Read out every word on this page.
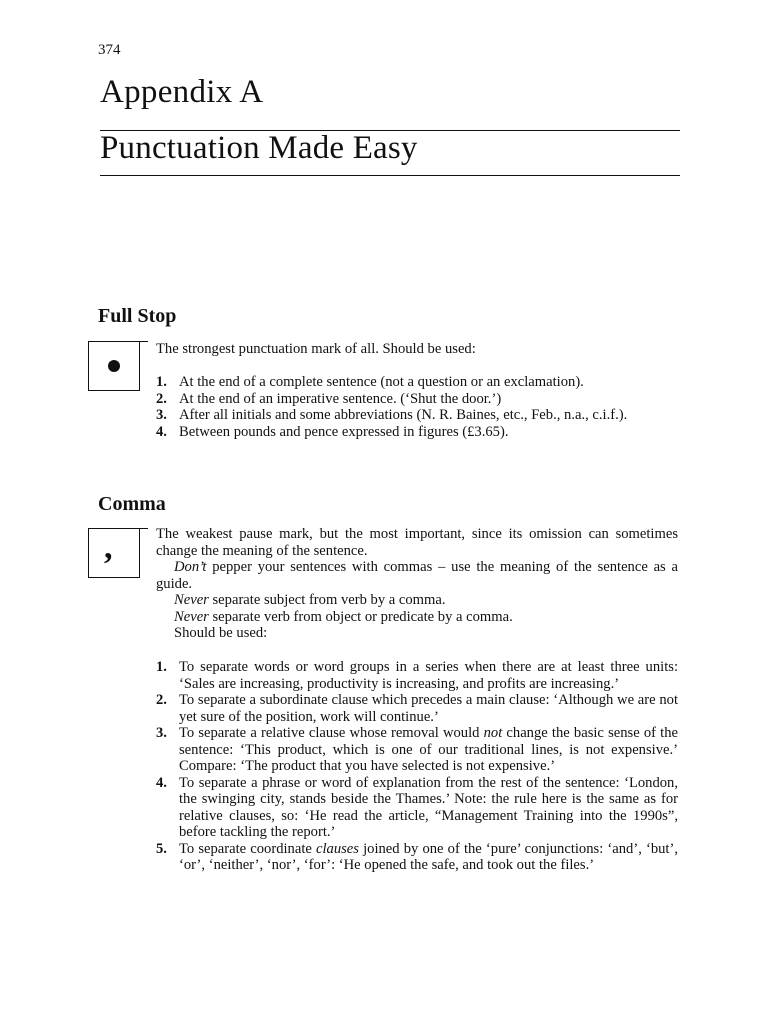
374
Appendix A
Punctuation Made Easy
Full Stop
The strongest punctuation mark of all. Should be used:
1. At the end of a complete sentence (not a question or an exclamation).
2. At the end of an imperative sentence. (‘Shut the door.’)
3. After all initials and some abbreviations (N. R. Baines, etc., Feb., n.a., c.i.f.).
4. Between pounds and pence expressed in figures (£3.65).
Comma
,	The weakest pause mark, but the most important, since its omission can sometimes change the meaning of the sentence.
Don’t pepper your sentences with commas – use the meaning of the sentence as a guide.
Never separate subject from verb by a comma.
Never separate verb from object or predicate by a comma.
Should be used:
1. To separate words or word groups in a series when there are at least three units: ‘Sales are increasing, productivity is increasing, and profits are increasing.’
2. To separate a subordinate clause which precedes a main clause: ‘Although we are not yet sure of the position, work will continue.’
3. To separate a relative clause whose removal would not change the basic sense of the sentence: ‘This product, which is one of our traditional lines, is not expensive.’ Compare: ‘The product that you have selected is not expensive.’
4. To separate a phrase or word of explanation from the rest of the sentence: ‘London, the swinging city, stands beside the Thames.’ Note: the rule here is the same as for relative clauses, so: ‘He read the article, “Management Training into the 1990s”, before tackling the report.’
5. To separate coordinate clauses joined by one of the ‘pure’ conjunctions: ‘and’, ‘but’, ‘or’, ‘neither’, ‘nor’, ‘for’: ‘He opened the safe, and took out the files.’
